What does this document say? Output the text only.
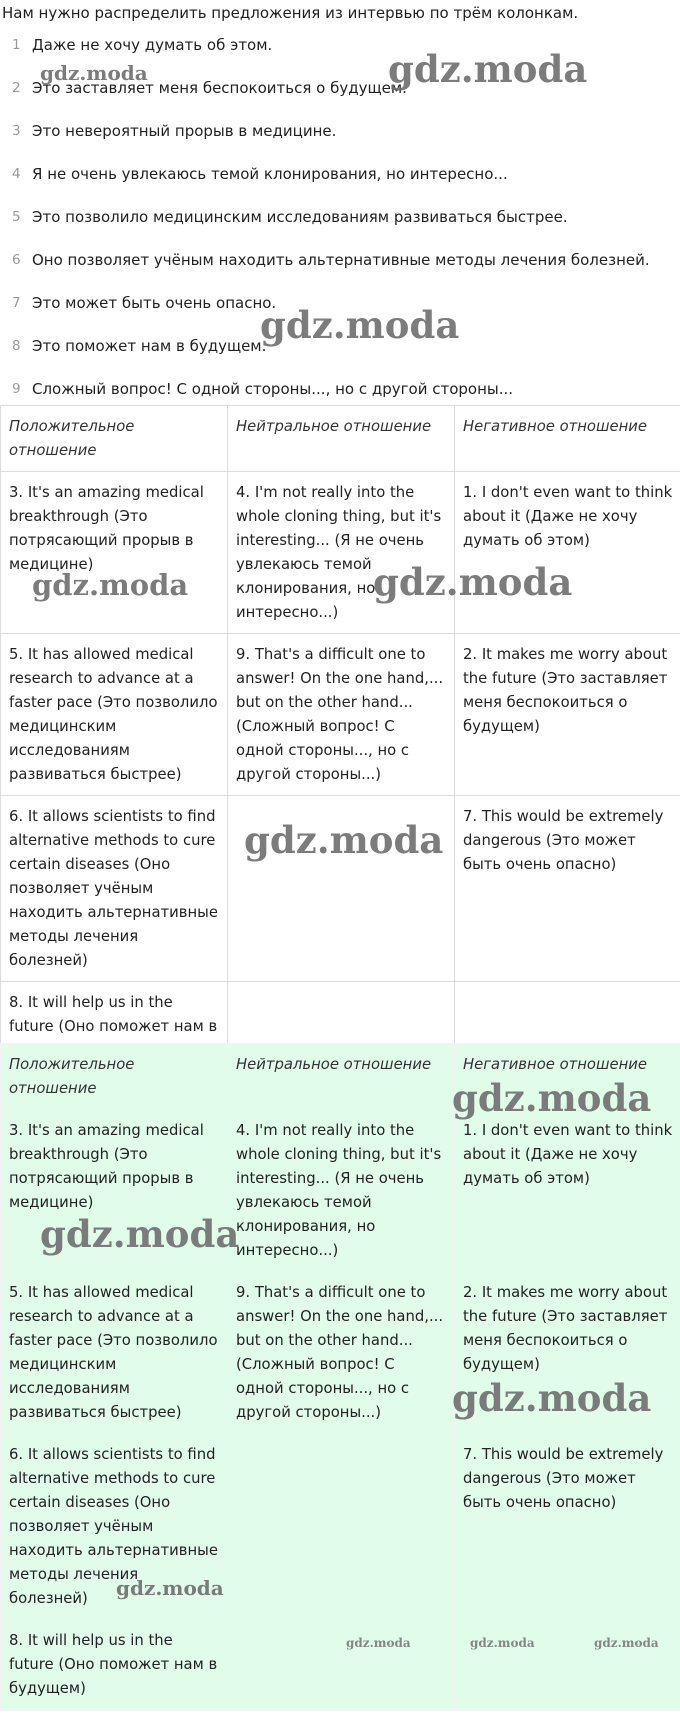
Нам нужно распределить предложения из интервью по трём колонкам.
1 Даже не хочу думать об этом.
2 Это заставляет меня беспокоиться о будущем.
3 Это невероятный прорыв в медицине.
4 Я не очень увлекаюсь темой клонирования, но интересно...
5 Это позволило медицинским исследованиям развиваться быстрее.
6 Оно позволяет учёным находить альтернативные методы лечения болезней.
7 Это может быть очень опасно.
8 Это поможет нам в будущем.
9 Сложный вопрос! С одной стороны..., но с другой стороны...
Положительное отношение	Нейтральное отношение	Негативное отношение
3. It's an amazing medical breakthrough (Это потрясающий прорыв в медицине)	4. I'm not really into the whole cloning thing, but it's interesting... (Я не очень увлекаюсь темой клонирования, но интересно...)	1. I don't even want to think about it (Даже не хочу думать об этом)
5. It has allowed medical research to advance at a faster pace (Это позволило медицинским исследованиям развиваться быстрее)	9. That's a difficult one to answer! On the one hand,... but on the other hand... (Сложный вопрос! С одной стороны..., но с другой стороны...)	2. It makes me worry about the future (Это заставляет меня беспокоиться о будущем)
6. It allows scientists to find alternative methods to cure certain diseases (Оно позволяет учёным находить альтернативные методы лечения болезней)		7. This would be extremely dangerous (Это может быть очень опасно)
8. It will help us in the future (Оно поможет нам в		
Положительное отношение	Нейтральное отношение	Негативное отношение
3. It's an amazing medical breakthrough (Это потрясающий прорыв в медицине)	4. I'm not really into the whole cloning thing, but it's interesting... (Я не очень увлекаюсь темой клонирования, но интересно...)	1. I don't even want to think about it (Даже не хочу думать об этом)
5. It has allowed medical research to advance at a faster pace (Это позволило медицинским исследованиям развиваться быстрее)	9. That's a difficult one to answer! On the one hand,... but on the other hand... (Сложный вопрос! С одной стороны..., но с другой стороны...)	2. It makes me worry about the future (Это заставляет меня беспокоиться о будущем)
6. It allows scientists to find alternative methods to cure certain diseases (Оно позволяет учёным находить альтернативные методы лечения болезней)		7. This would be extremely dangerous (Это может быть очень опасно)
8. It will help us in the future (Оно поможет нам в будущем)		
gdz.moda
gdz.moda
gdz.moda
gdz.moda	gdz.moda
gdz.moda
gdz.moda
gdz.moda
gdz.moda
gdz.moda
gdz.moda	gdz.moda	gdz.moda
